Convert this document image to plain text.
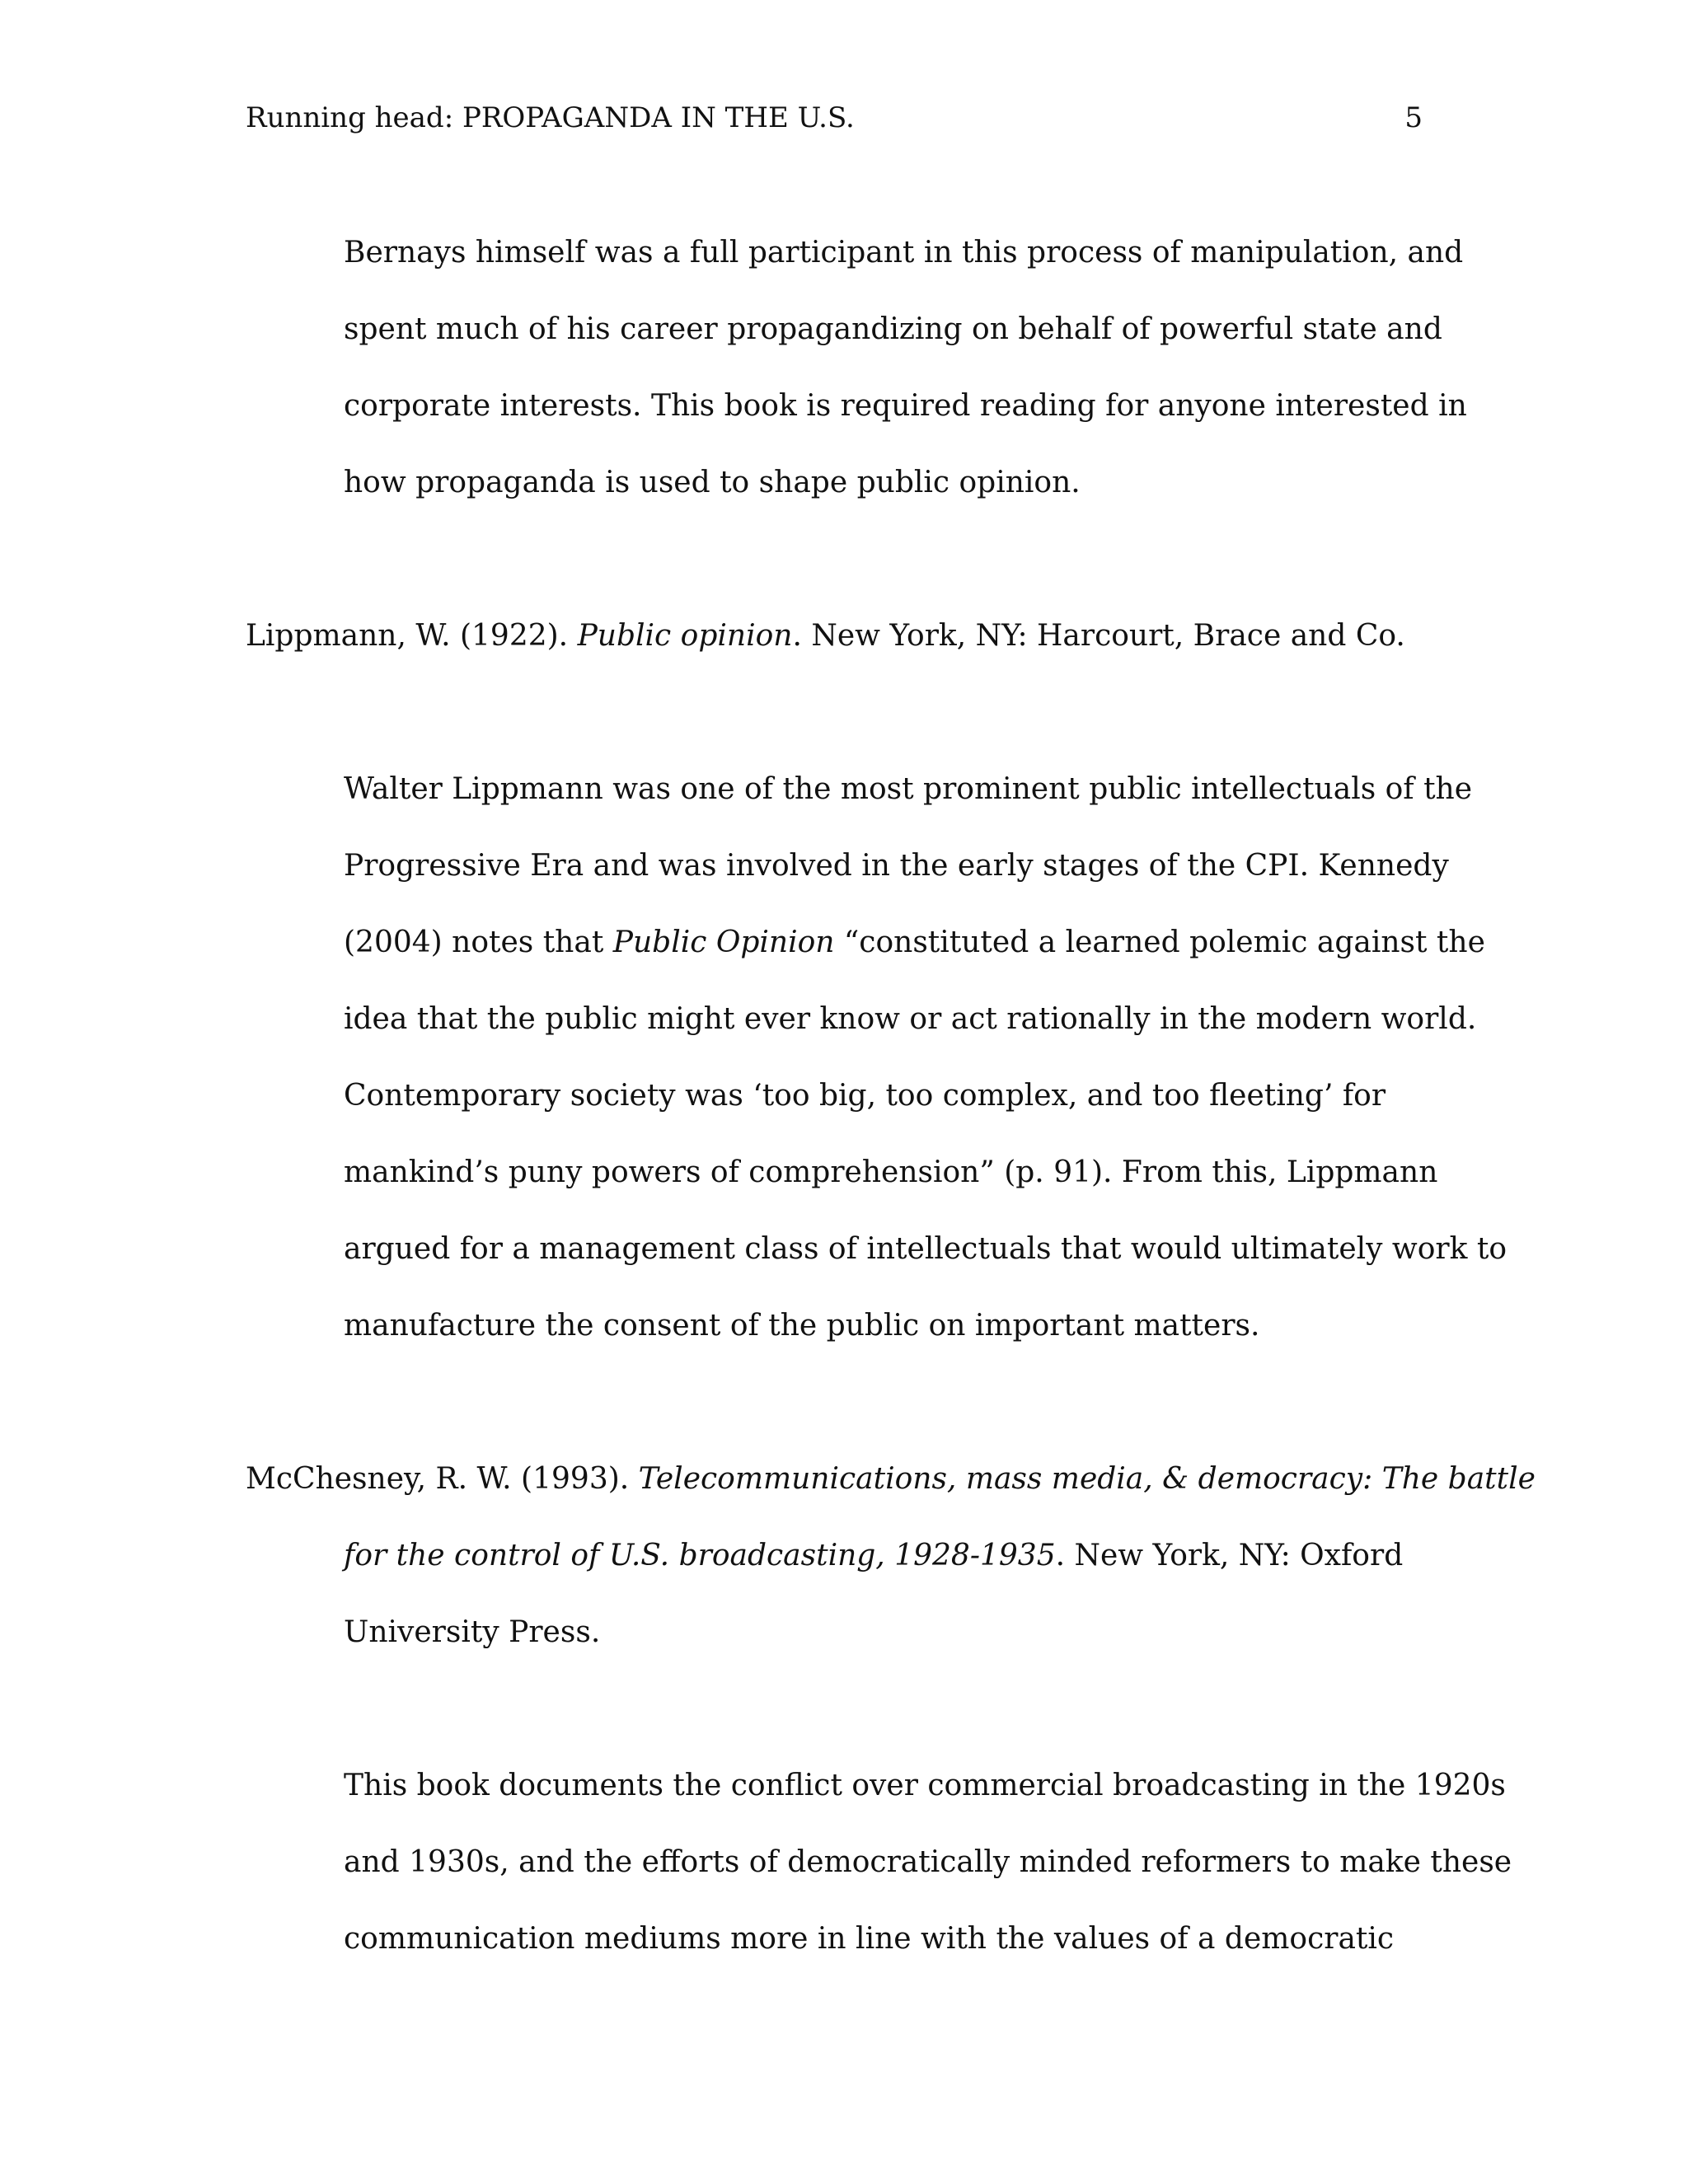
Running head: PROPAGANDA IN THE U.S.	5
Bernays himself was a full participant in this process of manipulation, and
spent much of his career propagandizing on behalf of powerful state and
corporate interests. This book is required reading for anyone interested in
how propaganda is used to shape public opinion.
Lippmann, W. (1922). Public opinion. New York, NY: Harcourt, Brace and Co.
Walter Lippmann was one of the most prominent public intellectuals of the
Progressive Era and was involved in the early stages of the CPI. Kennedy
(2004) notes that Public Opinion “constituted a learned polemic against the
idea that the public might ever know or act rationally in the modern world.
Contemporary society was ‘too big, too complex, and too fleeting’ for
mankind’s puny powers of comprehension” (p. 91). From this, Lippmann
argued for a management class of intellectuals that would ultimately work to
manufacture the consent of the public on important matters.
McChesney, R. W. (1993). Telecommunications, mass media, & democracy: The battle
for the control of U.S. broadcasting, 1928-1935. New York, NY: Oxford
University Press.
This book documents the conflict over commercial broadcasting in the 1920s
and 1930s, and the efforts of democratically minded reformers to make these
communication mediums more in line with the values of a democratic
